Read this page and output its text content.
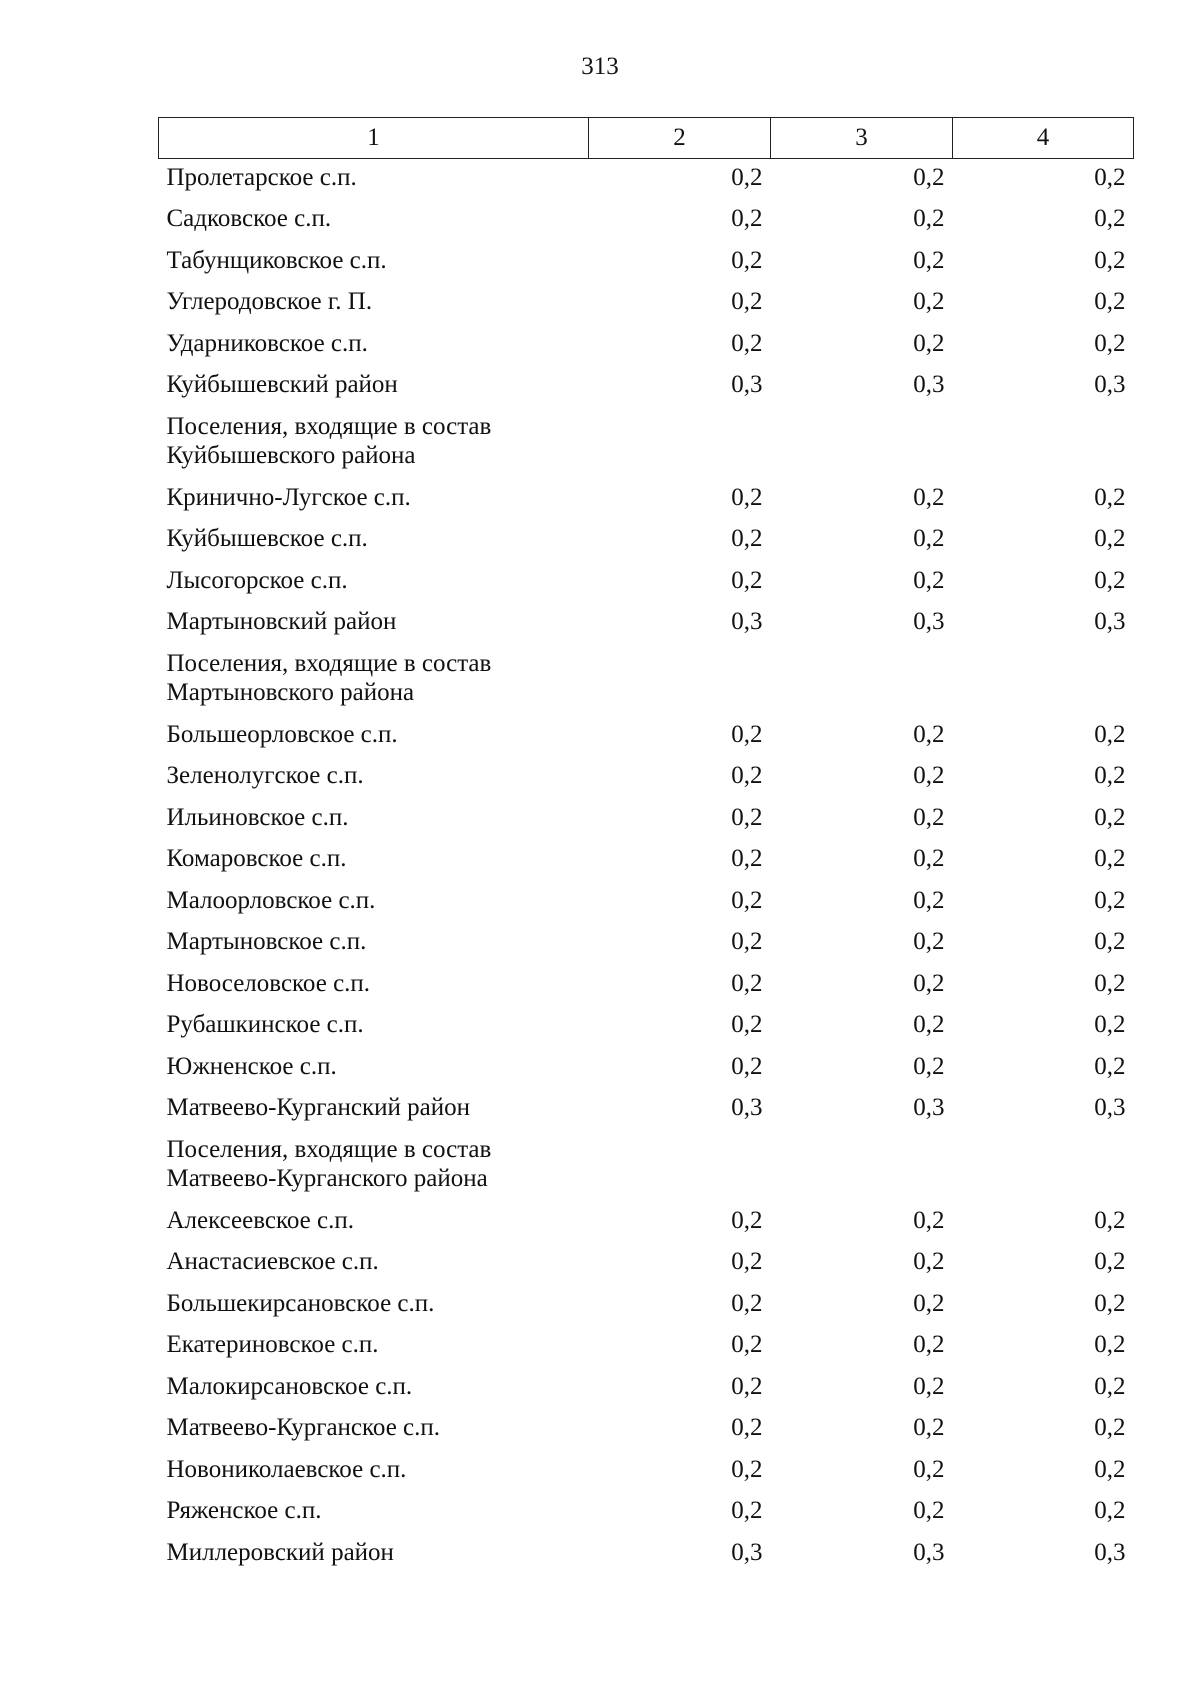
313
1	2	3	4

Пролетарское с.п.	0,2	0,2	0,2

Садковское с.п.	0,2	0,2	0,2

Табунщиковское с.п.	0,2	0,2	0,2

Углеродовское г. П.	0,2	0,2	0,2

Ударниковское с.п.	0,2	0,2	0,2

Куйбышевский район	0,3	0,3	0,3

Поселения, входящие в состав
Куйбышевского района			

Кринично-Лугское с.п.	0,2	0,2	0,2

Куйбышевское с.п.	0,2	0,2	0,2

Лысогорское с.п.	0,2	0,2	0,2

Мартыновский район	0,3	0,3	0,3

Поселения, входящие в состав
Мартыновского района			

Большеорловское с.п.	0,2	0,2	0,2

Зеленолугское с.п.	0,2	0,2	0,2

Ильиновское с.п.	0,2	0,2	0,2

Комаровское с.п.	0,2	0,2	0,2

Малоорловское с.п.	0,2	0,2	0,2

Мартыновское с.п.	0,2	0,2	0,2

Новоселовское с.п.	0,2	0,2	0,2

Рубашкинское с.п.	0,2	0,2	0,2

Южненское с.п.	0,2	0,2	0,2

Матвеево-Курганский район	0,3	0,3	0,3

Поселения, входящие в состав
Матвеево-Курганского района			

Алексеевское с.п.	0,2	0,2	0,2

Анастасиевское с.п.	0,2	0,2	0,2

Большекирсановское с.п.	0,2	0,2	0,2

Екатериновское с.п.	0,2	0,2	0,2

Малокирсановское с.п.	0,2	0,2	0,2

Матвеево-Курганское с.п.	0,2	0,2	0,2

Новониколаевское с.п.	0,2	0,2	0,2

Ряженское с.п.	0,2	0,2	0,2

Миллеровский район	0,3	0,3	0,3
